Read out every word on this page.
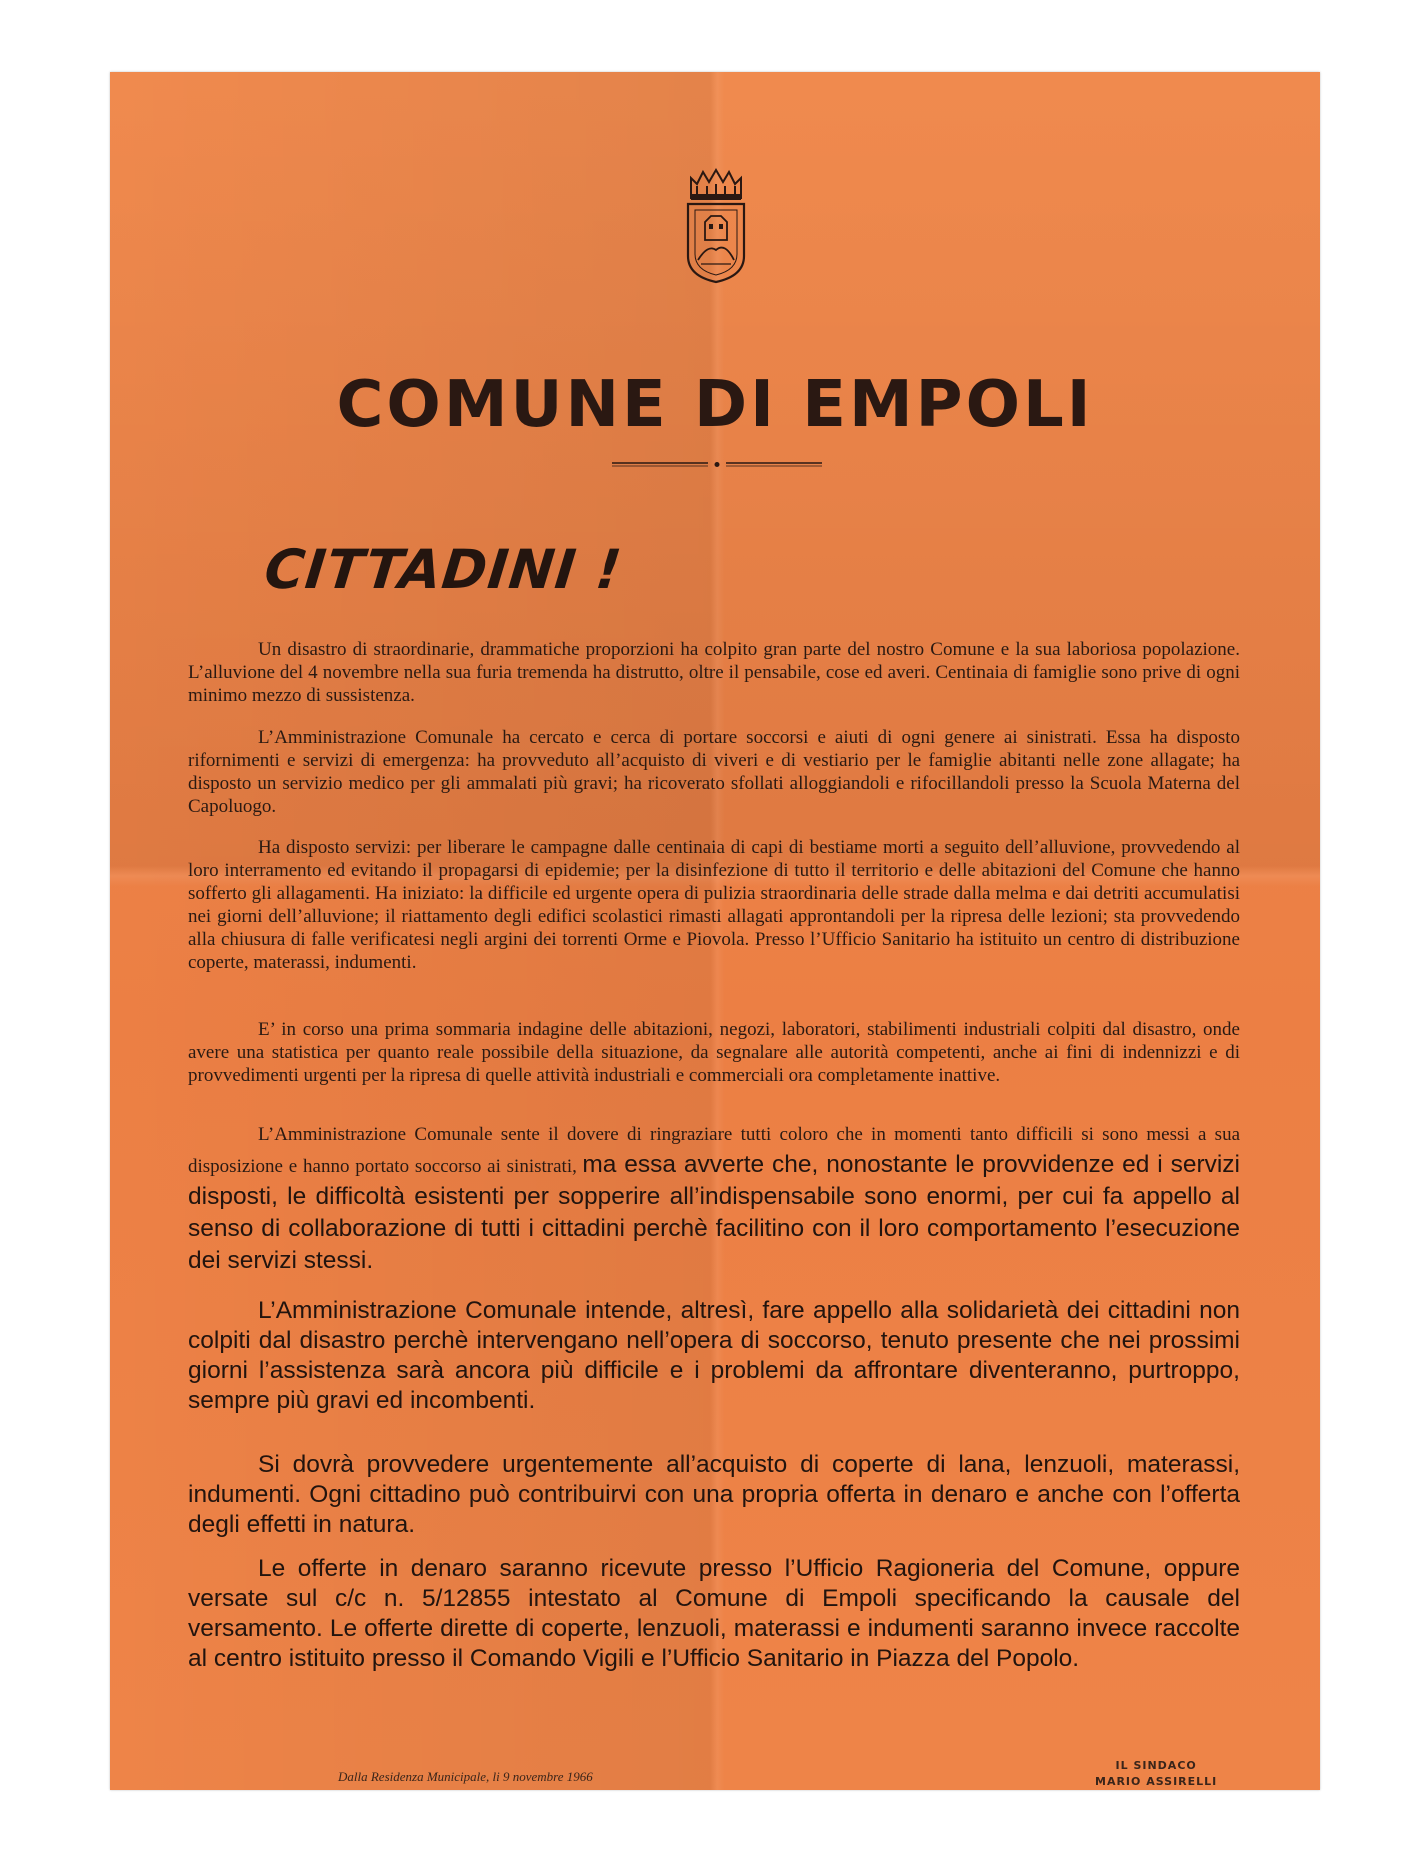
COMUNE DI EMPOLI
CITTADINI !

Un disastro di straordinarie, drammatiche proporzioni ha colpito gran parte del nostro Comune e la sua laboriosa popolazione. L’alluvione del 4 novembre nella sua furia tremenda ha distrutto, oltre il pensabile, cose ed averi. Centinaia di famiglie sono prive di ogni minimo mezzo di sussistenza.

L’Amministrazione Comunale ha cercato e cerca di portare soccorsi e aiuti di ogni genere ai sinistrati. Essa ha disposto rifornimenti e servizi di emergenza: ha provveduto all’acquisto di viveri e di vestiario per le famiglie abitanti nelle zone allagate; ha disposto un servizio medico per gli ammalati più gravi; ha ricoverato sfollati alloggiandoli e rifocillandoli presso la Scuola Materna del Capoluogo.

Ha disposto servizi: per liberare le campagne dalle centinaia di capi di bestiame morti a seguito dell’alluvione, provvedendo al loro interramento ed evitando il propagarsi di epidemie; per la disinfezione di tutto il territorio e delle abitazioni del Comune che hanno sofferto gli allagamenti. Ha iniziato: la difficile ed urgente opera di pulizia straordinaria delle strade dalla melma e dai detriti accumulatisi nei giorni dell’alluvione; il riattamento degli edifici scolastici rimasti allagati approntandoli per la ripresa delle lezioni; sta provvedendo alla chiusura di falle verificatesi negli argini dei torrenti Orme e Piovola. Presso l’Ufficio Sanitario ha istituito un centro di distribuzione coperte, materassi, indumenti.

E’ in corso una prima sommaria indagine delle abitazioni, negozi, laboratori, stabilimenti industriali colpiti dal disastro, onde avere una statistica per quanto reale possibile della situazione, da segnalare alle autorità competenti, anche ai fini di indennizzi e di provvedimenti urgenti per la ripresa di quelle attività industriali e commerciali ora completamente inattive.

L’Amministrazione Comunale sente il dovere di ringraziare tutti coloro che in momenti tanto difficili si sono messi a sua disposizione e hanno portato soccorso ai sinistrati, ma essa avverte che, nonostante le provvidenze ed i servizi disposti, le difficoltà esistenti per sopperire all’indispensabile sono enormi, per cui fa appello al senso di collaborazione di tutti i cittadini perchè facilitino con il loro comportamento l’esecuzione dei servizi stessi.

L’Amministrazione Comunale intende, altresì, fare appello alla solidarietà dei cittadini non colpiti dal disastro perchè intervengano nell’opera di soccorso, tenuto presente che nei prossimi giorni l’assistenza sarà ancora più difficile e i problemi da affrontare diventeranno, purtroppo, sempre più gravi ed incombenti.

Si dovrà provvedere urgentemente all’acquisto di coperte di lana, lenzuoli, materassi, indumenti. Ogni cittadino può contribuirvi con una propria offerta in denaro e anche con l’offerta degli effetti in natura.

Le offerte in denaro saranno ricevute presso l’Ufficio Ragioneria del Comune, oppure versate sul c/c n. 5/12855 intestato al Comune di Empoli specificando la causale del versamento. Le offerte dirette di coperte, lenzuoli, materassi e indumenti saranno invece raccolte al centro istituito presso il Comando Vigili e l’Ufficio Sanitario in Piazza del Popolo.

Dalla Residenza Municipale, li 9 novembre 1966
IL SINDACO
MARIO ASSIRELLI
